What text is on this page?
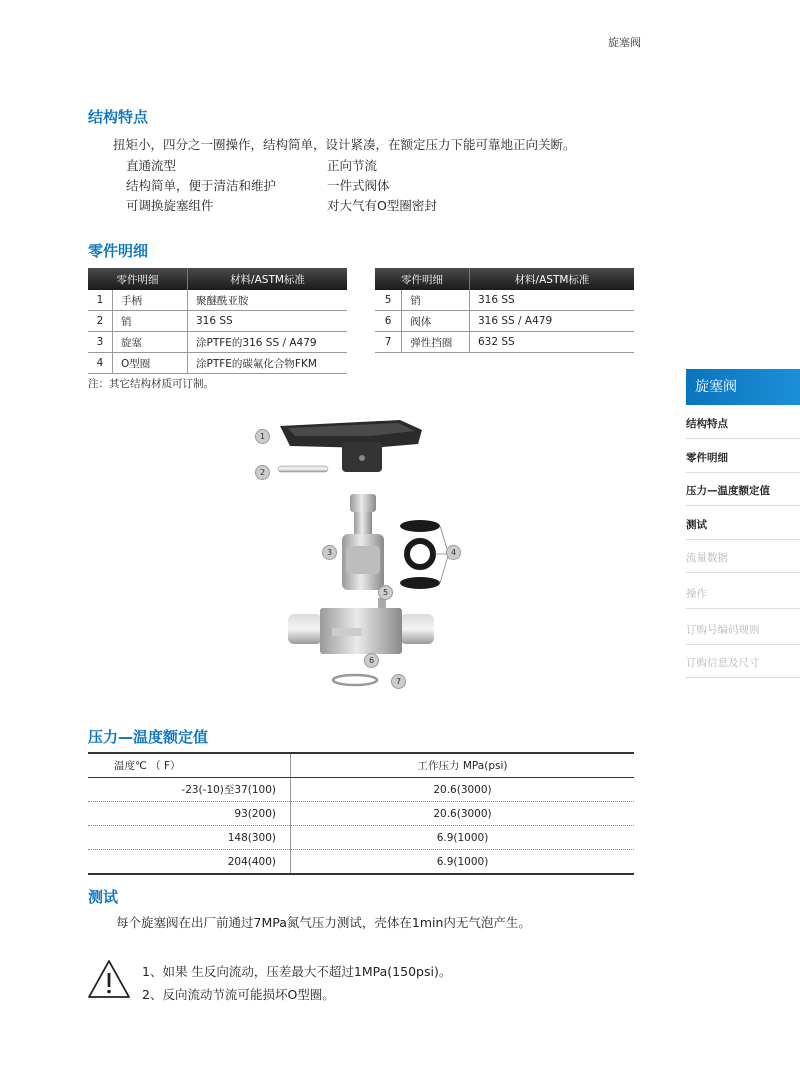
旋塞阀
结构特点
扭矩小，四分之一圈操作，结构简单，设计紧凑，在额定压力下能可靠地正向关断。
直通流型
结构简单，便于清洁和维护
可调换旋塞组件
正向节流
一件式阀体
对大气有O型圈密封
零件明细
零件明细		材料/ASTM标准
1	手柄	聚醚酰亚胺
2	销	316 SS
3	旋塞	涂PTFE的316 SS / A479
4	O型圈	涂PTFE的碳氟化合物FKM
零件明细		材料/ASTM标准
5	销	316 SS
6	阀体	316 SS / A479
7	弹性挡圈	632 SS
注：其它结构材质可订制。
1
2
3	4
5
6
7
压力—温度额定值
温度℃ （ F）	工作压力 MPa(psi)
-23(-10)至37(100)	20.6(3000)
93(200)	20.6(3000)
148(300)	6.9(1000)
204(400)	6.9(1000)
测试
每个旋塞阀在出厂前通过7MPa氮气压力测试，壳体在1min内无气泡产生。
1、如果 生反向流动，压差最大不超过1MPa(150psi)。
2、反向流动节流可能损坏O型圈。
旋塞阀
结构特点
零件明细
压力—温度额定值
测试
流量数据
操作
订购号编码规则
订购信息及尺寸
